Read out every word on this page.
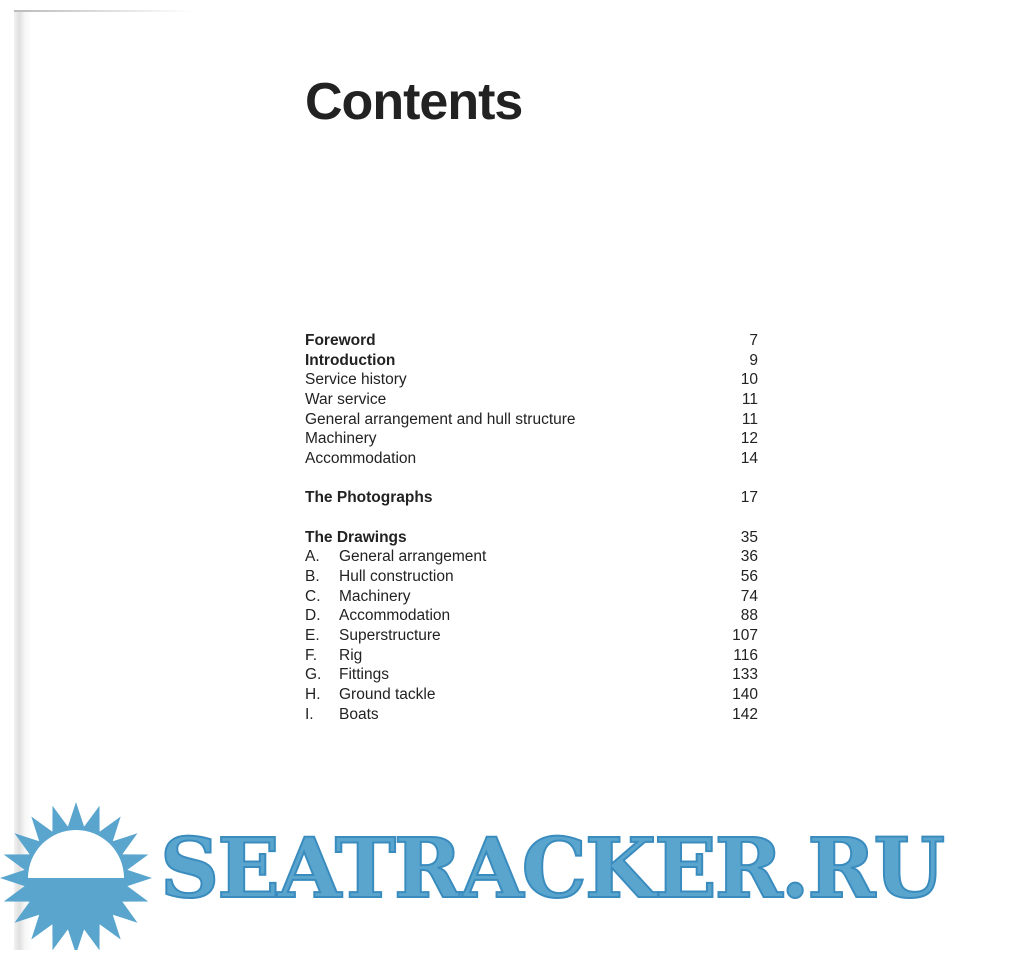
Contents
Foreword	7
Introduction	9
Service history	10
War service	11
General arrangement and hull structure	11
Machinery	12
Accommodation	14
The Photographs	17
The Drawings	35
A.	General arrangement	36
B.	Hull construction	56
C.	Machinery	74
D.	Accommodation	88
E.	Superstructure	107
F.	Rig	116
G.	Fittings	133
H.	Ground tackle	140
I.	Boats	142
SEATRACKER.RU
